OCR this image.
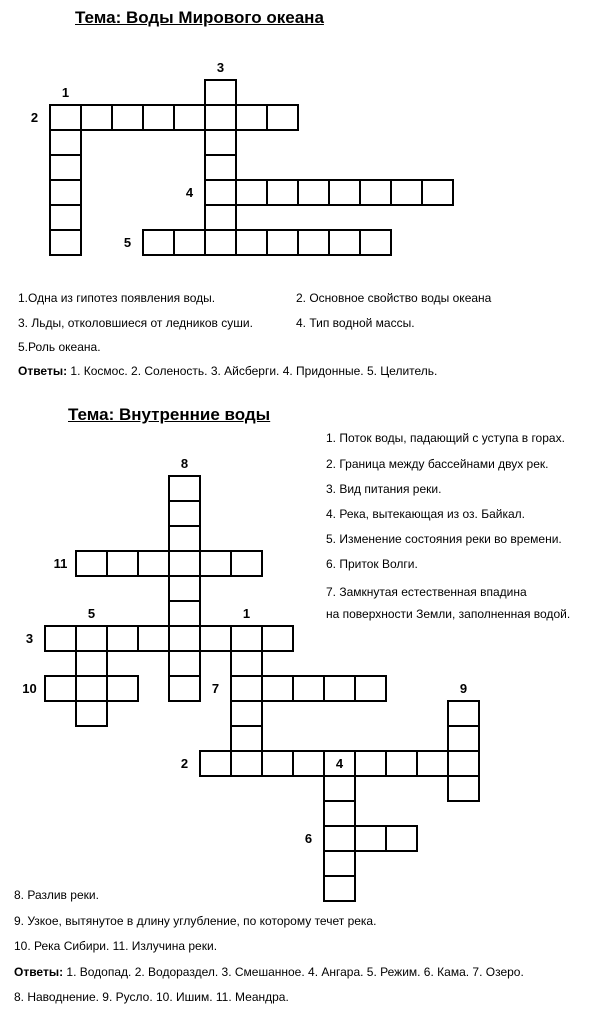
Тема: Воды Мирового океана
1
2
3
4
5
1.Одна из гипотез появления воды.	2. Основное свойство воды океана
3. Льды, отколовшиеся от ледников суши.	4. Тип водной массы.
5.Роль океана.
Ответы: 1. Космос. 2. Соленость. 3. Айсберги. 4. Придонные. 5. Целитель.
Тема: Внутренние воды
8
11
5	1
3
10	7	9
2	4
6
1. Поток воды, падающий с уступа в горах.
2. Граница между бассейнами двух рек.
3. Вид питания реки.
4. Река, вытекающая из оз. Байкал.
5. Изменение состояния реки во времени.
6. Приток Волги.
7. Замкнутая естественная впадина
на поверхности Земли, заполненная водой.
8. Разлив реки.
9. Узкое, вытянутое в длину углубление, по которому течет река.
10. Река Сибири. 11. Излучина реки.
Ответы: 1. Водопад. 2. Водораздел. 3. Смешанное. 4. Ангара. 5. Режим. 6. Кама. 7. Озеро.
8. Наводнение. 9. Русло. 10. Ишим. 11. Меандра.
